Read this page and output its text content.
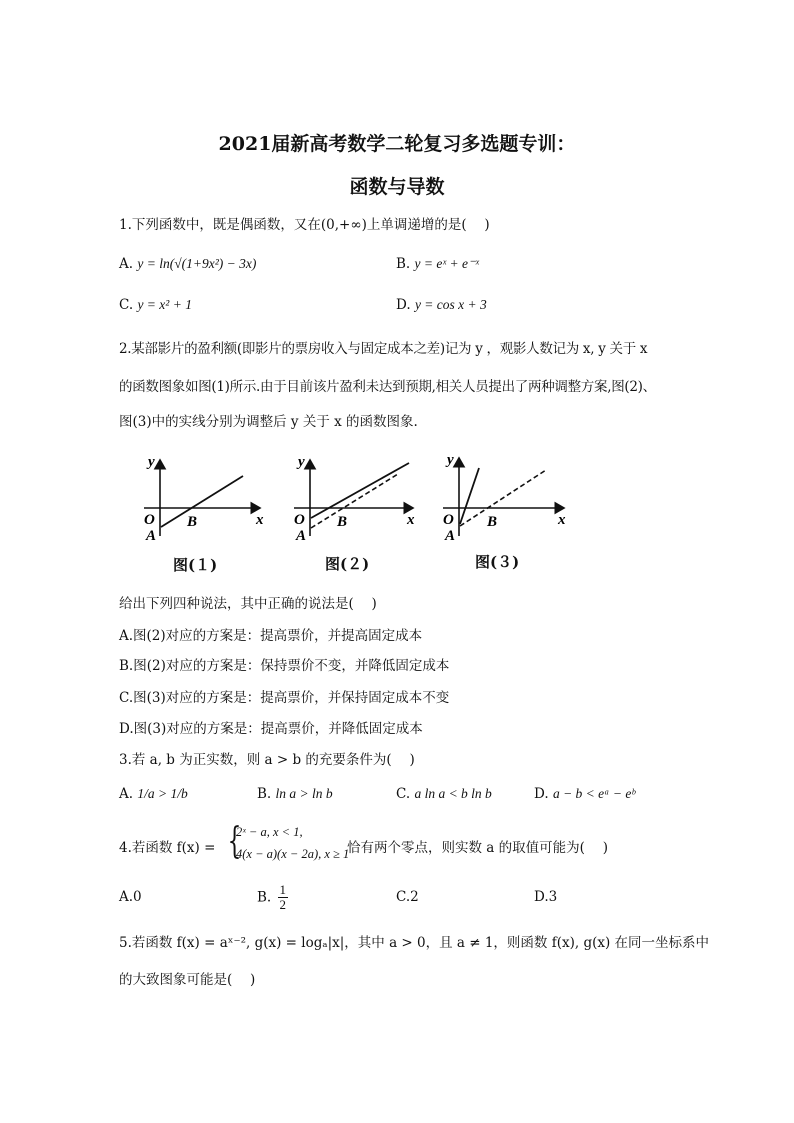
2021届新高考数学二轮复习多选题专训：
函数与导数
1.下列函数中，既是偶函数，又在(0,+∞)上单调递增的是(　 )
A. y = ln(√(1+9x²) − 3x)	B. y = eˣ + e⁻ˣ
C. y = x² + 1	D. y = cos x + 3
2.某部影片的盈利额(即影片的票房收入与固定成本之差)记为 y ，观影人数记为 x, y 关于 x
的函数图象如图(1)所示.由于目前该片盈利未达到预期,相关人员提出了两种调整方案,图(2)、
图(3)中的实线分别为调整后 y 关于 x 的函数图象.
y
x
O
A
B
y
x
O
A
B
y
x
O
A
B
图(１)	图(２)	图(３)
给出下列四种说法，其中正确的说法是(　 )
A.图(2)对应的方案是：提高票价，并提高固定成本
B.图(2)对应的方案是：保持票价不变，并降低固定成本
C.图(3)对应的方案是：提高票价，并保持固定成本不变
D.图(3)对应的方案是：提高票价，并降低固定成本
3.若 a, b 为正实数，则 a > b 的充要条件为(　 )
A. 1/a > 1/b	B. ln a > ln b	C. a ln a < b ln b	D. a − b < eᵃ − eᵇ
4.若函数 f(x) = {
2ˣ − a, x < 1,
4(x − a)(x − 2a), x ≥ 1
恰有两个零点，则实数 a 的取值可能为(　 )
A.0	B. $\frac{1}{2}$	C.2	D.3
5.若函数 f(x) = aˣ⁻², g(x) = logₐ|x|，其中 a > 0，且 a ≠ 1，则函数 f(x), g(x) 在同一坐标系中
的大致图象可能是(　 )
